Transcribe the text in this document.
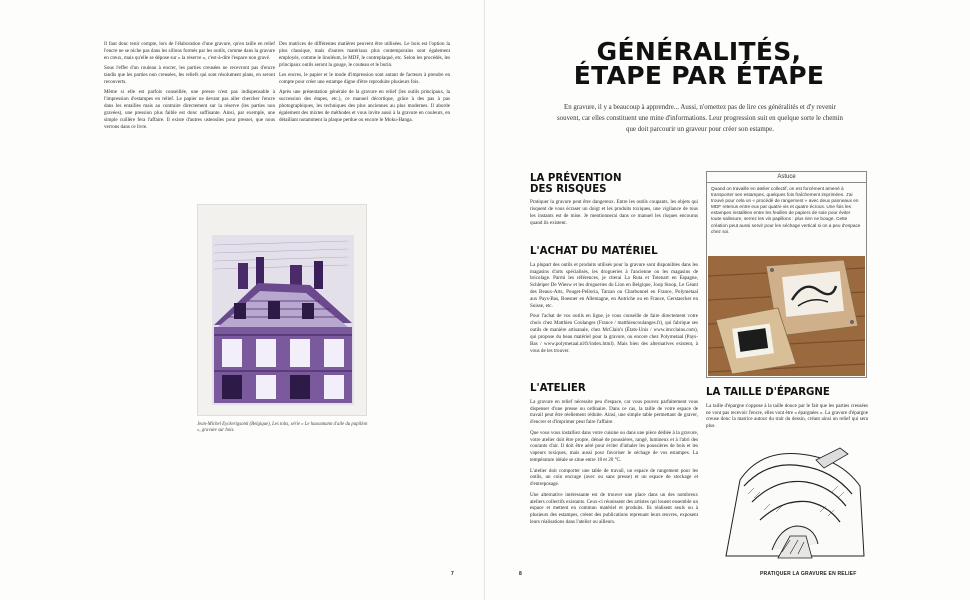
Il faut donc tenir compte, lors de l'élaboration d'une gravure, qu'en taille en relief l'encre ne se niche pas dans les sillons formés par les outils, comme dans la gravure en creux, mais qu'elle se dépose sur « la réserve », c'est-à-dire l'espace non gravé.

Sous l'effet d'un rouleau à encrer, les parties creusées ne recevront pas d'encre tandis que les parties non creusées, les reliefs qui sont résolument plans, en seront recouverts.

Même si elle est parfois conseillée, une presse n'est pas indispensable à l'impression d'estampes en relief. Le papier ne devant pas aller chercher l'encre dans les entailles mais au contraire directement sur la réserve (les parties non gravées), une pression plus faible est donc suffisante. Ainsi, par exemple, une simple cuillère fera l'affaire. Il existe d'autres ustensiles pour presser, que nous verrons dans ce livre.

Des matrices de différentes matières peuvent être utilisées. Le bois est l'option la plus classique, mais d'autres matériaux plus contemporains sont également employés, comme le linoléum, le MDF, le contreplaqué, etc. Selon les procédés, les principaux outils seront la gouge, le couteau et le burin.

Les encres, le papier et le mode d'impression sont autant de facteurs à prendre en compte pour créer une estampe digne d'être reproduite plusieurs fois.

Après une présentation générale de la gravure en relief (les outils principaux, la succession des étapes, etc.), ce manuel décortique, grâce à des pas à pas photographiques, les techniques des plus anciennes au plus modernes. Il aborde également des mixtes de méthodes et vous invite aussi à la gravure en couleurs, en détaillant notamment la plaque perdue ou encore le Moku-Hanga.

Jean-Michel Eyckerigsoml (Belgique), Les toits, série « Le haussmann d'aile du papillon », gravure sur bois.
7
GÉNÉRALITÉS,
ÉTAPE PAR ÉTAPE
En gravure, il y a beaucoup à apprendre... Aussi, n'omettez pas de lire ces généralités et d'y revenir souvent, car elles constituent une mine d'informations. Leur progression suit en quelque sorte le chemin que doit parcourir un graveur pour créer son estampe.
LA PRÉVENTION
DES RISQUES

Pratiquer la gravure peut être dangereux. Entre les outils coupants, les objets qui risquent de vous écraser un doigt et les produits toxiques, une vigilance de tous les instants est de mise. Je mentionnerai dans ce manuel les risques encourus quand ils existent.

L'ACHAT DU MATÉRIEL

La plupart des outils et produits utilisés pour la gravure sont disponibles dans les magasins d'arts spécialisés, les drogueries à l'ancienne ou les magasins de bricolage. Parmi les références, je citerai La Ruta et Totenart en Espagne, Schleiper De Wiesw et les drogueries du Lion en Belgique, Joop Stoop, Le Géant des Beaux-Arts, Pouget-Pelloria, Tarzan ou Charbonnel en France, Polymetaal aux Pays-Bas, Boesner en Allemagne, en Autriche ou en France, Gerstaecker en Suisse, etc.

Pour l'achat de vos outils en ligne, je vous conseille de faire directement votre choix chez Matthieu Coulanges (France / matthieucoulanges.fr), qui fabrique ses outils de manière artisanale, chez McClain's (États-Unis / www.imcclains.com), qui propose du beau matériel pour la gravure, ou encore chez Polymetaal (Pays-Bas / www.polymetaal.nl/fr/index.html). Mais bien des alternatives existent, à vous de les trouver.

L'ATELIER

La gravure en relief nécessite peu d'espace, car vous pouvez parfaitement vous dispenser d'une presse ou ordinaire. Dans ce cas, la taille de votre espace de travail peut être réellement réduite. Ainsi, une simple table permettant de graver, d'encrer et d'imprimer peut faire l'affaire.

Que vous vous installiez dans votre cuisine ou dans une pièce dédiée à la gravure, votre atelier doit être propre, dénué de poussières, rangé, lumineux et à l'abri des courants d'air. Il doit être aéré pour éviter d'inhaler les poussières de bois et les vapeurs toxiques, mais aussi pour favoriser le séchage de vos estampes. La température idéale se situe entre 18 et 20 °C.

L'atelier doit comporter une table de travail, un espace de rangement pour les outils, un coin encrage (avec ou sans presse) et un espace de stockage et d'entreposage.

Une alternative intéressante est de trouver une place dans un des nombreux ateliers collectifs existants. Ceux-ci réunissent des artistes qui louent ensemble un espace et mettent en commun matériel et produits. Ils réalisent seuls ou à plusieurs des estampes, créent des publications reprenant leurs œuvres, exposent leurs réalisations dans l'atelier ou ailleurs.

Astuce
Quand on travaille en atelier collectif, on est forcément amené à transporter ses estampes, quelques fois fraîchement imprimées. J'ai trouvé pour cela un « procédé de rangement » avec deux panneaux en MDF retenus entre eux par quatre vis et quatre écrous. Une fois les estampes installées entre les feuilles de papiers de soie pour éviter toute salissure, serrez les vis papillons : plus rien ne bouge. Cette création peut aussi servir pour les séchage vertical si on a peu d'espace chez soi.
LA TAILLE D'ÉPARGNE

La taille d'épargne s'oppose à la taille douce par le fait que les parties creusées ne vont pas recevoir l'encre, elles vont être « épargnées ». La gravure d'épargne creuse donc la matrice autour du trait du dessin, créant ainsi un relief qui sera plus

8	PRATIQUER LA GRAVURE EN RELIEF
